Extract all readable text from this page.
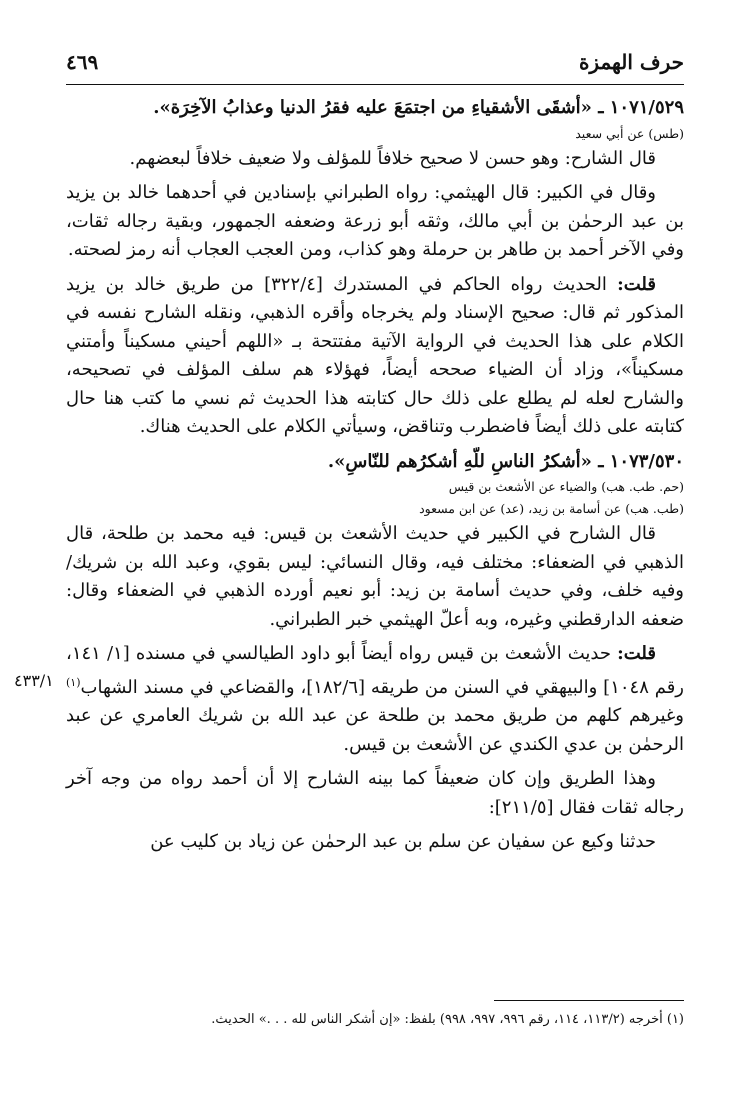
حرف الهمزة
٤٦٩

١٠٧١/٥٢٩ ـ «أشقَى الأشقياءِ من اجتمَعَ عليه فقرُ الدنيا وعذابُ الآخِرَة».

(طس) عن أبي سعيد

قال الشارح: وهو حسن لا صحيح خلافاً للمؤلف ولا ضعيف خلافاً لبعضهم.

وقال في الكبير: قال الهيثمي: رواه الطبراني بإسنادين في أحدهما خالد بن يزيد بن عبد الرحمٰن بن أبي مالك، وثقه أبو زرعة وضعفه الجمهور، وبقية رجاله ثقات، وفي الآخر أحمد بن طاهر بن حرملة وهو كذاب، ومن العجب العجاب أنه رمز لصحته.

قلت: الحديث رواه الحاكم في المستدرك [٣٢٢/٤] من طريق خالد بن يزيد المذكور ثم قال: صحيح الإسناد ولم يخرجاه وأقره الذهبي، ونقله الشارح نفسه في الكلام على هذا الحديث في الرواية الآتية مفتتحة بـ «اللهم أحيني مسكيناً وأمتني مسكيناً»، وزاد أن الضياء صححه أيضاً، فهؤلاء هم سلف المؤلف في تصحيحه، والشارح لعله لم يطلع على ذلك حال كتابته هذا الحديث ثم نسي ما كتب هنا حال كتابته على ذلك أيضاً فاضطرب وتناقض، وسيأتي الكلام على الحديث هناك.

١٠٧٣/٥٣٠ ـ «أشكرُ الناسِ للّهِ أشكرُهم للنّاسِ».

(حم. طب. هب) والضياء عن الأشعث بن قيس

(طب. هب) عن أسامة بن زيد، (عد) عن ابن مسعود

قال الشارح في الكبير في حديث الأشعث بن قيس: فيه محمد بن طلحة، قال الذهبي في الضعفاء: مختلف فيه، وقال النسائي: ليس بقوي، وعبد الله بن شريك/ وفيه خلف، وفي حديث أسامة بن زيد: أبو نعيم أورده الذهبي في الضعفاء وقال: ضعفه الدارقطني وغيره، وبه أعلّ الهيثمي خبر الطبراني.

قلت: حديث الأشعث بن قيس رواه أيضاً أبو داود الطيالسي في مسنده [١/ ١٤١، رقم ١٠٤٨] والبيهقي في السنن من طريقه [١٨٢/٦]، والقضاعي في مسند الشهاب$^{(١)}$ وغيرهم كلهم من طريق محمد بن طلحة عن عبد الله بن شريك العامري عن عبد الرحمٰن بن عدي الكندي عن الأشعث بن قيس.

وهذا الطريق وإن كان ضعيفاً كما بينه الشارح إلا أن أحمد رواه من وجه آخر رجاله ثقات فقال [٢١١/٥]:

حدثنا وكيع عن سفيان عن سلم بن عبد الرحمٰن عن زياد بن كليب عن

٤٣٣/١
(١) أخرجه (١١٣/٢، ١١٤، رقم ٩٩٦، ٩٩٧، ٩٩٨) بلفظ: «إن أشكر الناس لله . . .» الحديث.
